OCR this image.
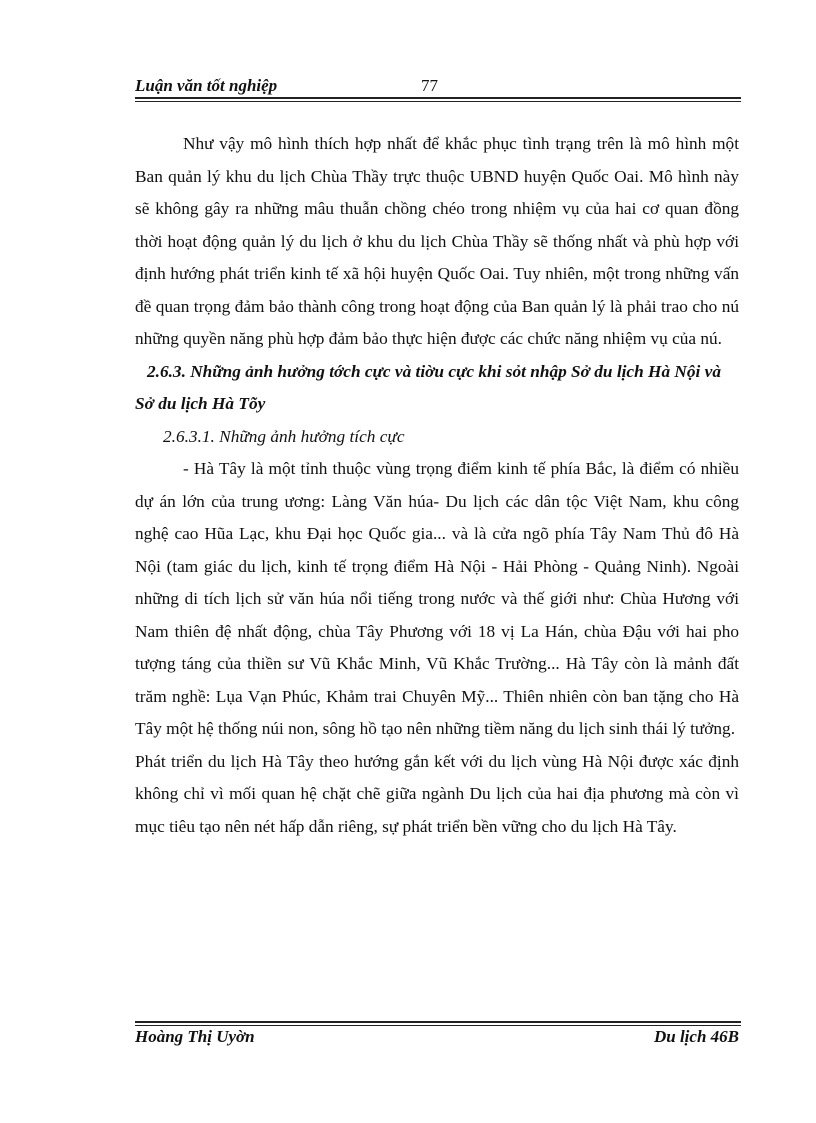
Luận văn tốt nghiệp	77

Như vậy mô hình thích hợp nhất để khắc phục tình trạng trên là mô hình một Ban quản lý khu du lịch Chùa Thầy trực thuộc UBND huyện Quốc Oai. Mô hình này sẽ không gây ra những mâu thuẫn chồng chéo trong nhiệm vụ của hai cơ quan đồng thời hoạt động quản lý du lịch ở khu du lịch Chùa Thầy sẽ thống nhất và phù hợp với định hướng phát triển kinh tế xã hội huyện Quốc Oai. Tuy nhiên, một trong những vấn đề quan trọng đảm bảo thành công trong hoạt động của Ban quản lý là phải trao cho nú những quyền năng phù hợp đảm bảo thực hiện được các chức năng nhiệm vụ của nú.

2.6.3. Những ảnh hưởng tớch cực và tiờu cực khi sỏt nhập Sở du lịch Hà Nội và Sở du lịch Hà Tõy

2.6.3.1. Những ảnh hưởng tích cực

- Hà Tây là một tỉnh thuộc vùng trọng điểm kinh tế phía Bắc, là điểm có nhiều dự án lớn của trung ương: Làng Văn húa- Du lịch các dân tộc Việt Nam, khu công nghệ cao Hũa Lạc, khu Đại học Quốc gia... và là cửa ngõ phía Tây Nam Thủ đô Hà Nội (tam giác du lịch, kinh tế trọng điểm Hà Nội - Hải Phòng - Quảng Ninh). Ngoài những di tích lịch sử văn húa nổi tiếng trong nước và thế giới như: Chùa Hương với Nam thiên đệ nhất động, chùa Tây Phương với 18 vị La Hán, chùa Đậu với hai pho tượng táng của thiền sư Vũ Khắc Minh, Vũ Khắc Trường... Hà Tây còn là mảnh đất trăm nghề: Lụa Vạn Phúc, Khảm trai Chuyên Mỹ... Thiên nhiên còn ban tặng cho Hà Tây một hệ thống núi non, sông hồ tạo nên những tiềm năng du lịch sinh thái lý tưởng.

Phát triển du lịch Hà Tây theo hướng gắn kết với du lịch vùng Hà Nội được xác định không chỉ vì mối quan hệ chặt chẽ giữa ngành Du lịch của hai địa phương mà còn vì mục tiêu tạo nên nét hấp dẫn riêng, sự phát triển bền vững cho du lịch Hà Tây.

Hoàng Thị Uyờn	Du lịch 46B
